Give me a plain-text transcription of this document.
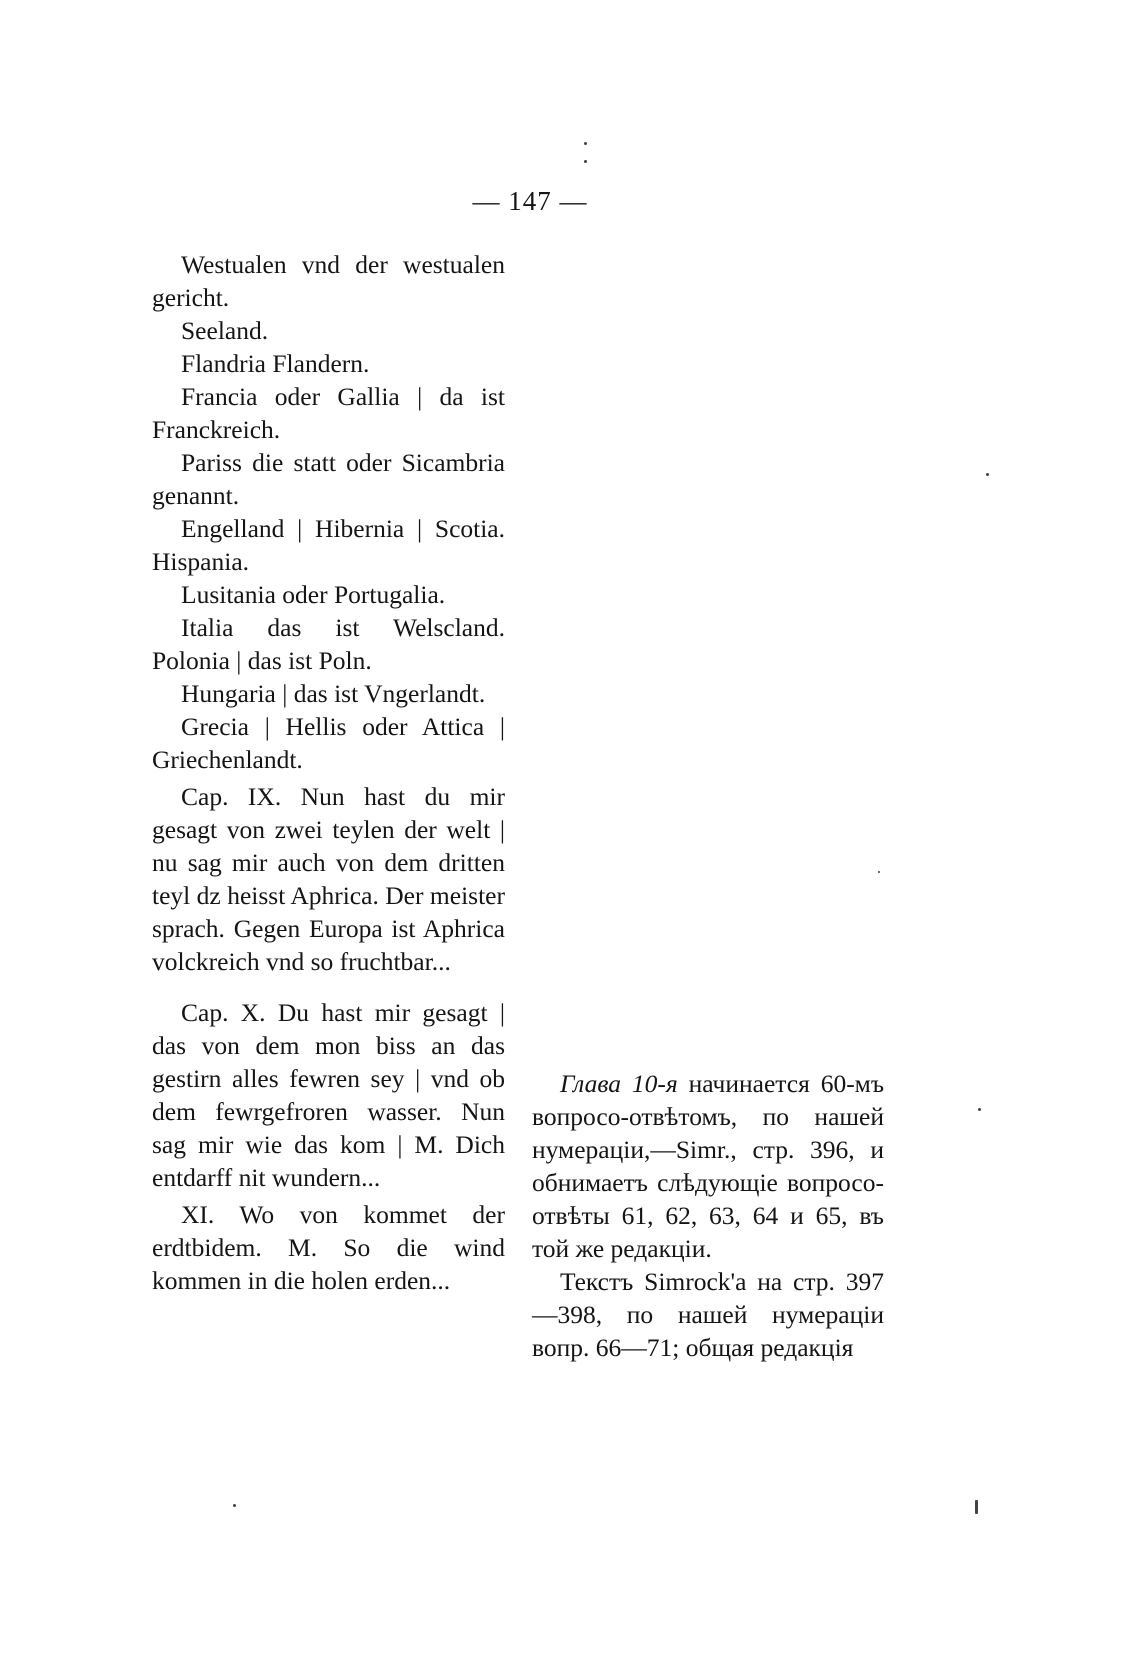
— 147 —

Westualen vnd der westualen gericht.

Seeland.

Flandria Flandern.

Francia oder Gallia | da ist Franckreich.

Pariss die statt oder Sicambria genannt.

Engelland | Hibernia | Scotia. Hispania.

Lusitania oder Portugalia.

Italia das ist Welscland. Polonia | das ist Poln.

Hungaria | das ist Vngerlandt.

Grecia | Hellis oder Attica | Griechenlandt.

Cap. IX. Nun hast du mir gesagt von zwei teylen der welt | nu sag mir auch von dem dritten teyl dz heisst Aphrica. Der meister sprach. Gegen Europa ist Aphrica volckreich vnd so fruchtbar...

Cap. X. Du hast mir gesagt | das von dem mon biss an das gestirn alles fewren sey | vnd ob dem fewrgefroren wasser. Nun sag mir wie das kom | M. Dich entdarff nit wundern...

XI. Wo von kommet der erdtbidem. M. So die wind kommen in die holen erden...

Глава 10-я начинается 60-мъ вопросо-отвѣтомъ, по нашей нумераціи,—Simr., стр. 396, и обнимаетъ слѣдующіе вопросо-отвѣты 61, 62, 63, 64 и 65, въ той же редакціи.

Текстъ Simrock'а на стр. 397—398, по нашей нумераціи вопр. 66—71; общая редакція
